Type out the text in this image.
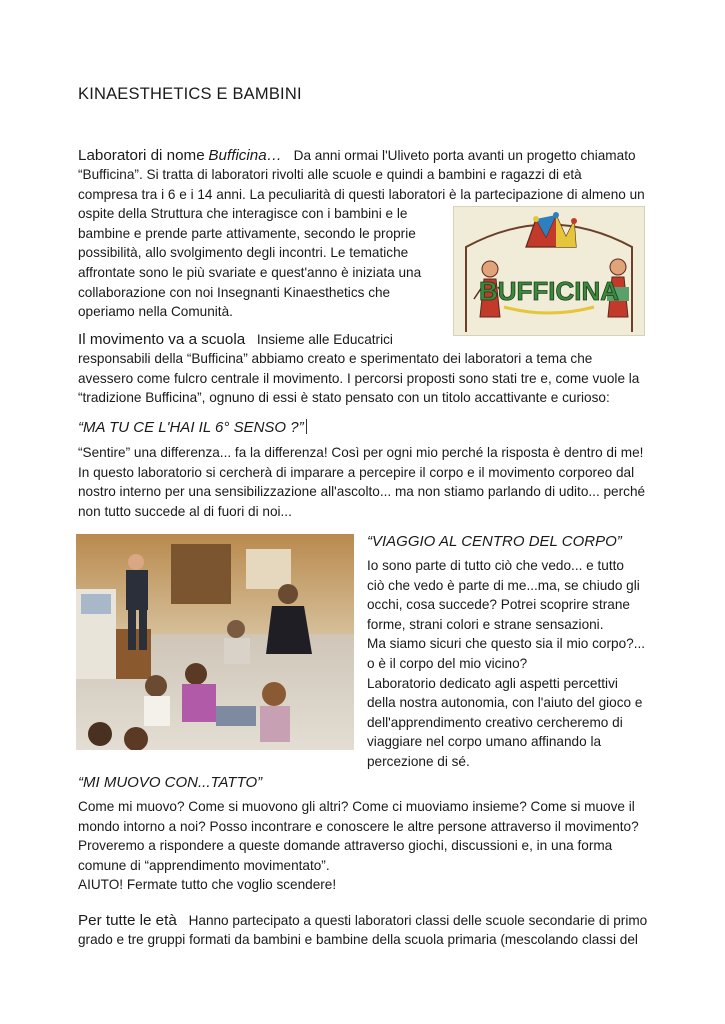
KINAESTHETICS E BAMBINI
Laboratori di nome Bufficina… Da anni ormai l'Uliveto porta avanti un progetto chiamato
“Bufficina”. Si tratta di laboratori rivolti alle scuole e quindi a bambini e ragazzi di età
compresa tra i 6 e i 14 anni. La peculiarità di questi laboratori è la partecipazione di almeno un
ospite della Struttura che interagisce con i bambini e le
bambine e prende parte attivamente, secondo le proprie
possibilità, allo svolgimento degli incontri. Le tematiche
affrontate sono le più svariate e quest'anno è iniziata una
collaborazione con noi Insegnanti Kinaesthetics che
operiamo nella Comunità.
BUFFICINA
Il movimento va a scuola Insieme alle Educatrici
responsabili della “Bufficina” abbiamo creato e sperimentato dei laboratori a tema che
avessero come fulcro centrale il movimento. I percorsi proposti sono stati tre e, come vuole la
“tradizione Bufficina”, ognuno di essi è stato pensato con un titolo accattivante e curioso:
“MA TU CE L'HAI IL 6° SENSO ?”
“Sentire” una differenza... fa la differenza! Così per ogni mio perché la risposta è dentro di me!
In questo laboratorio si cercherà di imparare a percepire il corpo e il movimento corporeo dal
nostro interno per una sensibilizzazione all'ascolto... ma non stiamo parlando di udito... perché
non tutto succede al di fuori di noi...
“VIAGGIO AL CENTRO DEL CORPO”
Io sono parte di tutto ciò che vedo... e tutto
ciò che vedo è parte di me...ma, se chiudo gli
occhi, cosa succede? Potrei scoprire strane
forme, strani colori e strane sensazioni.
Ma siamo sicuri che questo sia il mio corpo?...
o è il corpo del mio vicino?
Laboratorio dedicato agli aspetti percettivi
della nostra autonomia, con l'aiuto del gioco e
dell'apprendimento creativo cercheremo di
viaggiare nel corpo umano affinando la
percezione di sé.
“MI MUOVO CON...TATTO”
Come mi muovo? Come si muovono gli altri? Come ci muoviamo insieme? Come si muove il
mondo intorno a noi? Posso incontrare e conoscere le altre persone attraverso il movimento?
Proveremo a rispondere a queste domande attraverso giochi, discussioni e, in una forma
comune di “apprendimento movimentato”.
AIUTO! Fermate tutto che voglio scendere!
Per tutte le età Hanno partecipato a questi laboratori classi delle scuole secondarie di primo
grado e tre gruppi formati da bambini e bambine della scuola primaria (mescolando classi del
